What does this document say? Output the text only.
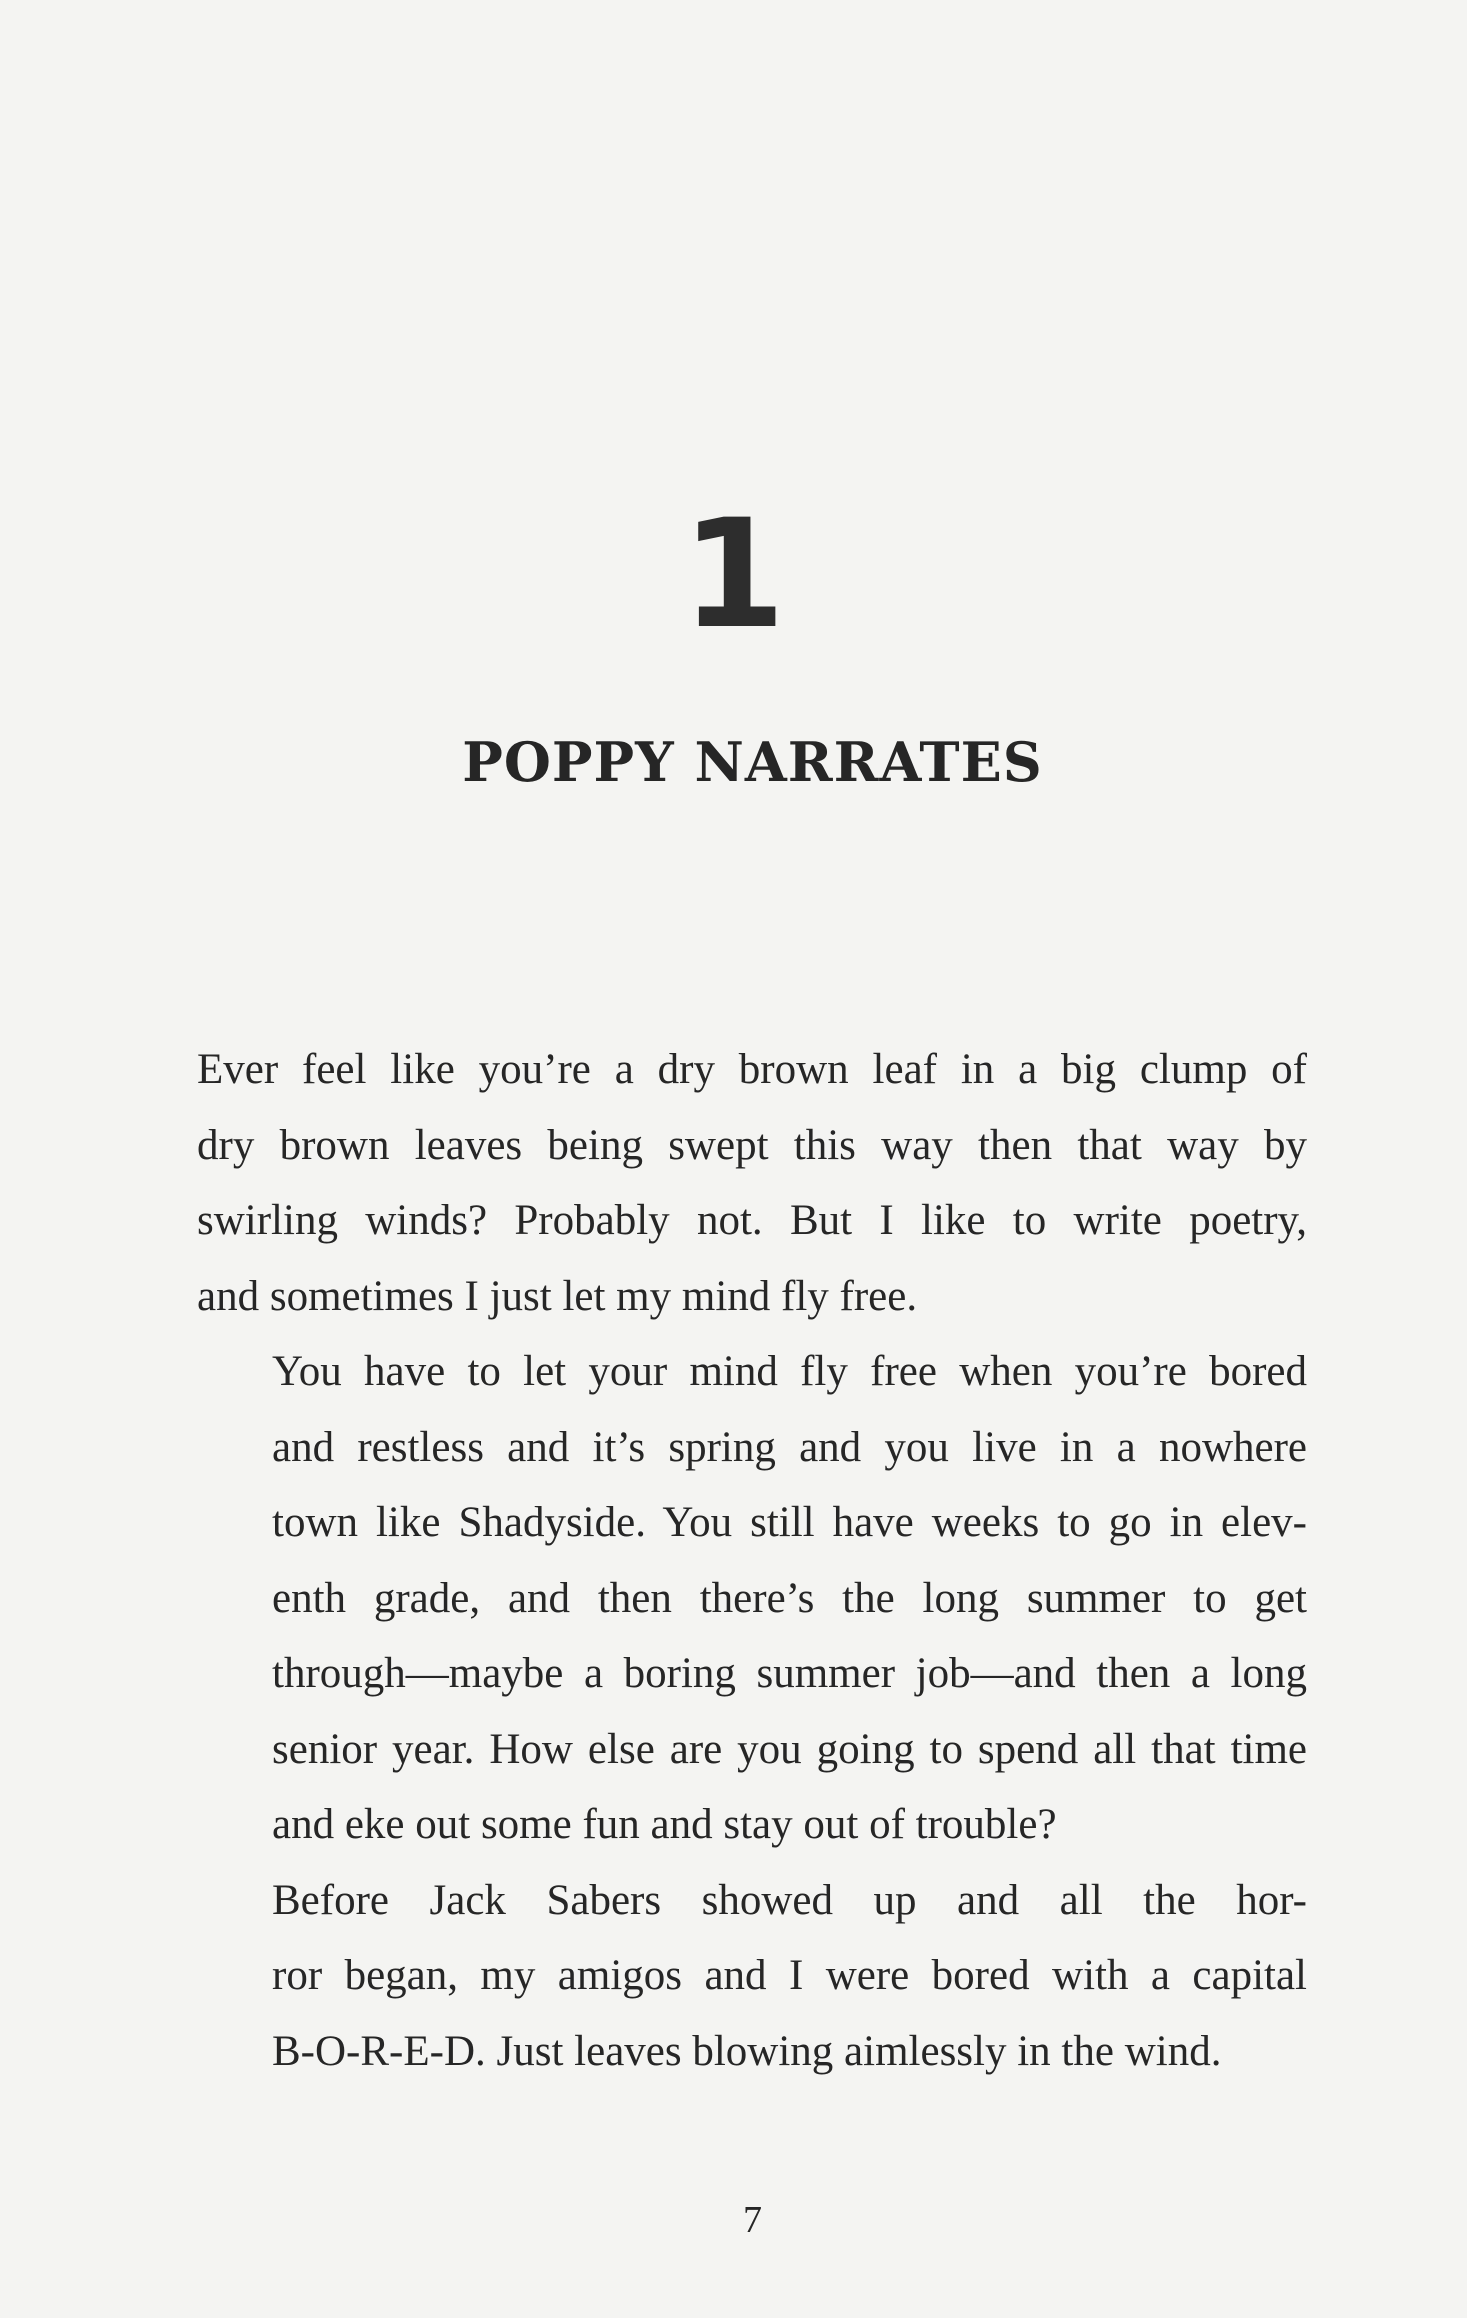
1
POPPY NARRATES

Ever feel like you’re a dry brown leaf in a big clump of
dry brown leaves being swept this way then that way by
swirling winds? Probably not. But I like to write poetry,
and sometimes I just let my mind fly free.

You have to let your mind fly free when you’re bored
and restless and it’s spring and you live in a nowhere
town like Shadyside. You still have weeks to go in elev-
enth grade, and then there’s the long summer to get
through—maybe a boring summer job—and then a long
senior year. How else are you going to spend all that time
and eke out some fun and stay out of trouble?

Before Jack Sabers showed up and all the hor-
ror began, my amigos and I were bored with a capital
B-O-R-E-D. Just leaves blowing aimlessly in the wind.

7
